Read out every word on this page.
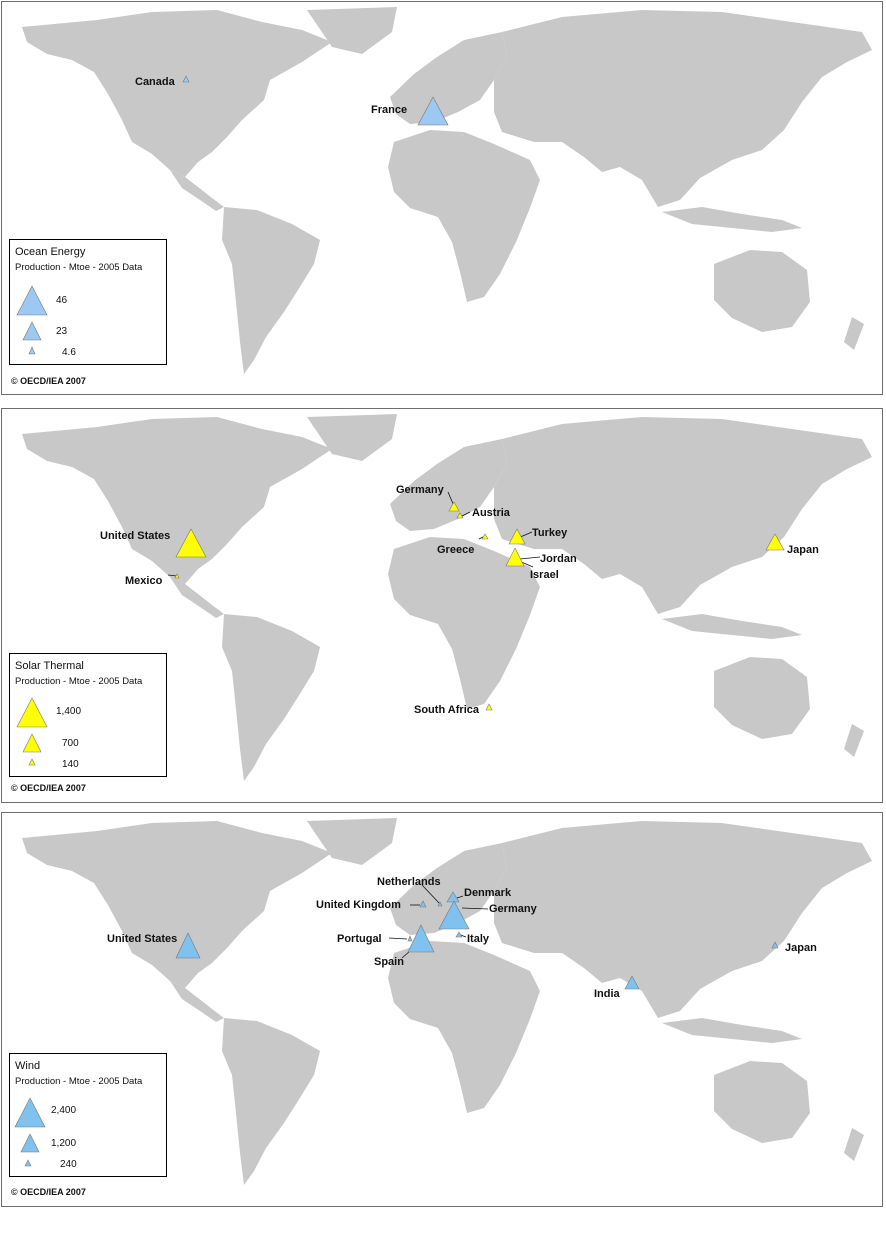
Canada
France
Ocean Energy
Production - Mtoe - 2005 Data
46
23
4.6
© OECD/IEA 2007
Germany
Austria
United States	Turkey
Greece
Jordan
Israel
Japan
Mexico
South Africa
Solar Thermal
Production - Mtoe - 2005 Data
1,400
700
140
© OECD/IEA 2007
Netherlands
Denmark
United Kingdom	Germany
United States	Portugal	Italy
Spain
Japan
India
Wind
Production - Mtoe - 2005 Data
2,400
1,200
240
© OECD/IEA 2007
